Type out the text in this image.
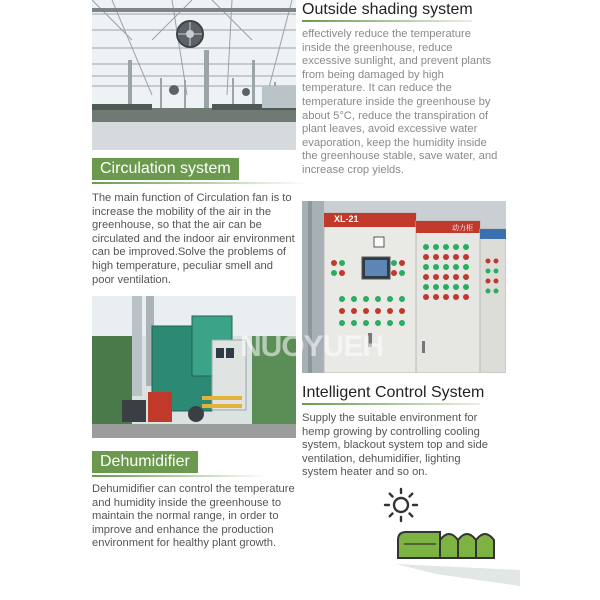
Outside shading system
effectively reduce the temperature inside the greenhouse, reduce excessive sunlight, and prevent plants from being damaged by high temperature. It can reduce the temperature inside the greenhouse by about 5°C, reduce the transpiration of plant leaves, avoid excessive water evaporation, keep the humidity inside the greenhouse stable, save water, and increase crop yields.
Circulation system
The main function of Circulation fan is to increase the mobility of the air in the greenhouse, so that the air can be circulated and the indoor air environment can be improved.Solve the problems of high temperature, peculiar smell and poor ventilation.
XL-21
动力柜
NUOYUEH
Intelligent Control System
Supply the suitable environment for hemp growing by controlling cooling system, blackout system top and side ventilation, dehumidifier, lighting system heater and so on.
Dehumidifier
Dehumidifier can control the temperature and humidity inside the greenhouse to maintain the normal range, in order to improve and enhance the production environment for healthy plant growth.
